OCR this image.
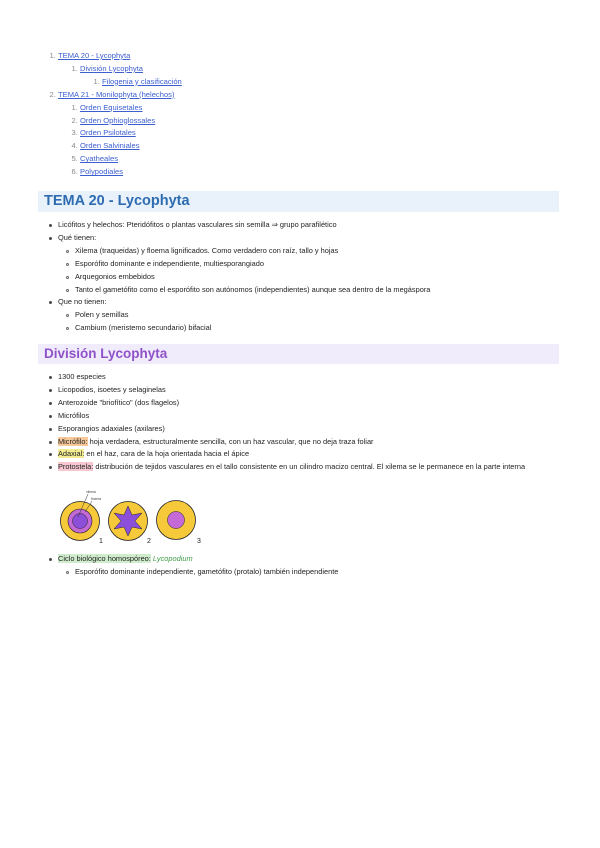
1. TEMA 20 - Lycophyta
1. División Lycophyta
1. Filogenia y clasificación
2. TEMA 21 - Monilophyta (helechos)
1. Orden Equisetales
2. Orden Ophioglossales
3. Orden Psilotales
4. Orden Salviniales
5. Cyatheales
6. Polypodiales
TEMA 20 - Lycophyta
Licófitos y helechos: Pteridófitos o plantas vasculares sin semilla ⇒ grupo parafilético
Qué tienen:
Xilema (traqueidas) y floema lignificados. Como verdadero con raíz, tallo y hojas
Esporófito dominante e independiente, multiesporangiado
Arquegonios embebidos
Tanto el gametófito como el esporófito son autónomos (independientes) aunque sea dentro de la megáspora
Que no tienen:
Polen y semillas
Cambium (meristemo secundario) bifacial
División Lycophyta
1300 especies
Licopodios, isoetes y selaginelas
Anterozoide "briofítico" (dos flagelos)
Micrófilos
Esporangios adaxiales (axilares)
Micrófilo: hoja verdadera, estructuralmente sencilla, con un haz vascular, que no deja traza foliar
Adaxial: en el haz, cara de la hoja orientada hacia el ápice
Protostela: distribución de tejidos vasculares en el tallo consistente en un cilindro macizo central. El xilema se le permanece en la parte interna
xilema
floema
1	2	3
Ciclo biológico homospóreo: Lycopodium
Esporófito dominante independiente, gametófito (protalo) también independiente
